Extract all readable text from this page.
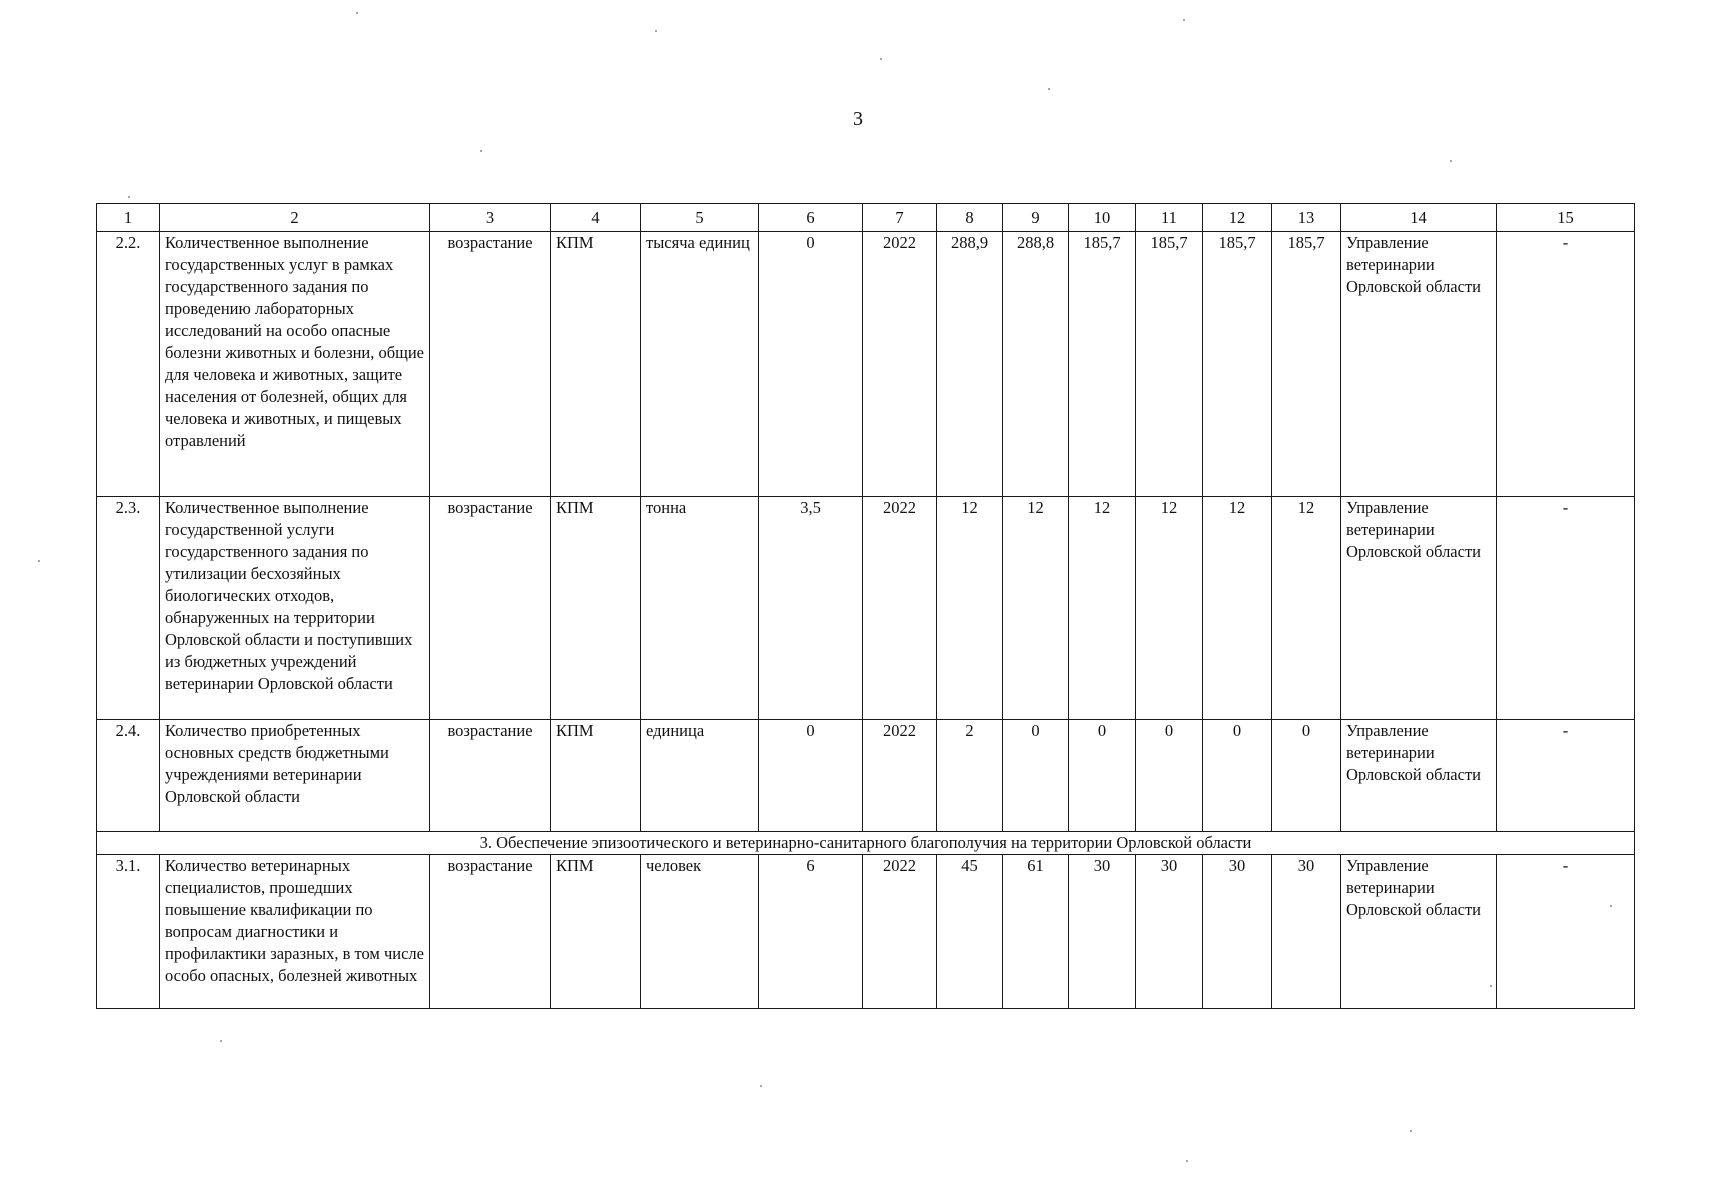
3
1	2	3	4	5	6	7	8	9	10	11	12	13	14	15
2.2.	Количественное выполнение государственных услуг в рамках государственного задания по проведению лабораторных исследований на особо опасные болезни животных и болезни, общие для человека и животных, защите населения от болезней, общих для человека и животных, и пищевых отравлений	возрастание	КПМ	тысяча единиц	0	2022	288,9	288,8	185,7	185,7	185,7	185,7	Управление ветеринарии Орловской области	-
2.3.	Количественное выполнение государственной услуги государственного задания по утилизации бесхозяйных биологических отходов, обнаруженных на территории Орловской области и поступивших из бюджетных учреждений ветеринарии Орловской области	возрастание	КПМ	тонна	3,5	2022	12	12	12	12	12	12	Управление ветеринарии Орловской области	-
2.4.	Количество приобретенных основных средств бюджетными учреждениями ветеринарии Орловской области	возрастание	КПМ	единица	0	2022	2	0	0	0	0	0	Управление ветеринарии Орловской области	-
3. Обеспечение эпизоотического и ветеринарно-санитарного благополучия на территории Орловской области														
3.1.	Количество ветеринарных специалистов, прошедших повышение квалификации по вопросам диагностики и профилактики заразных, в том числе особо опасных, болезней животных	возрастание	КПМ	человек	6	2022	45	61	30	30	30	30	Управление ветеринарии Орловской области	-
